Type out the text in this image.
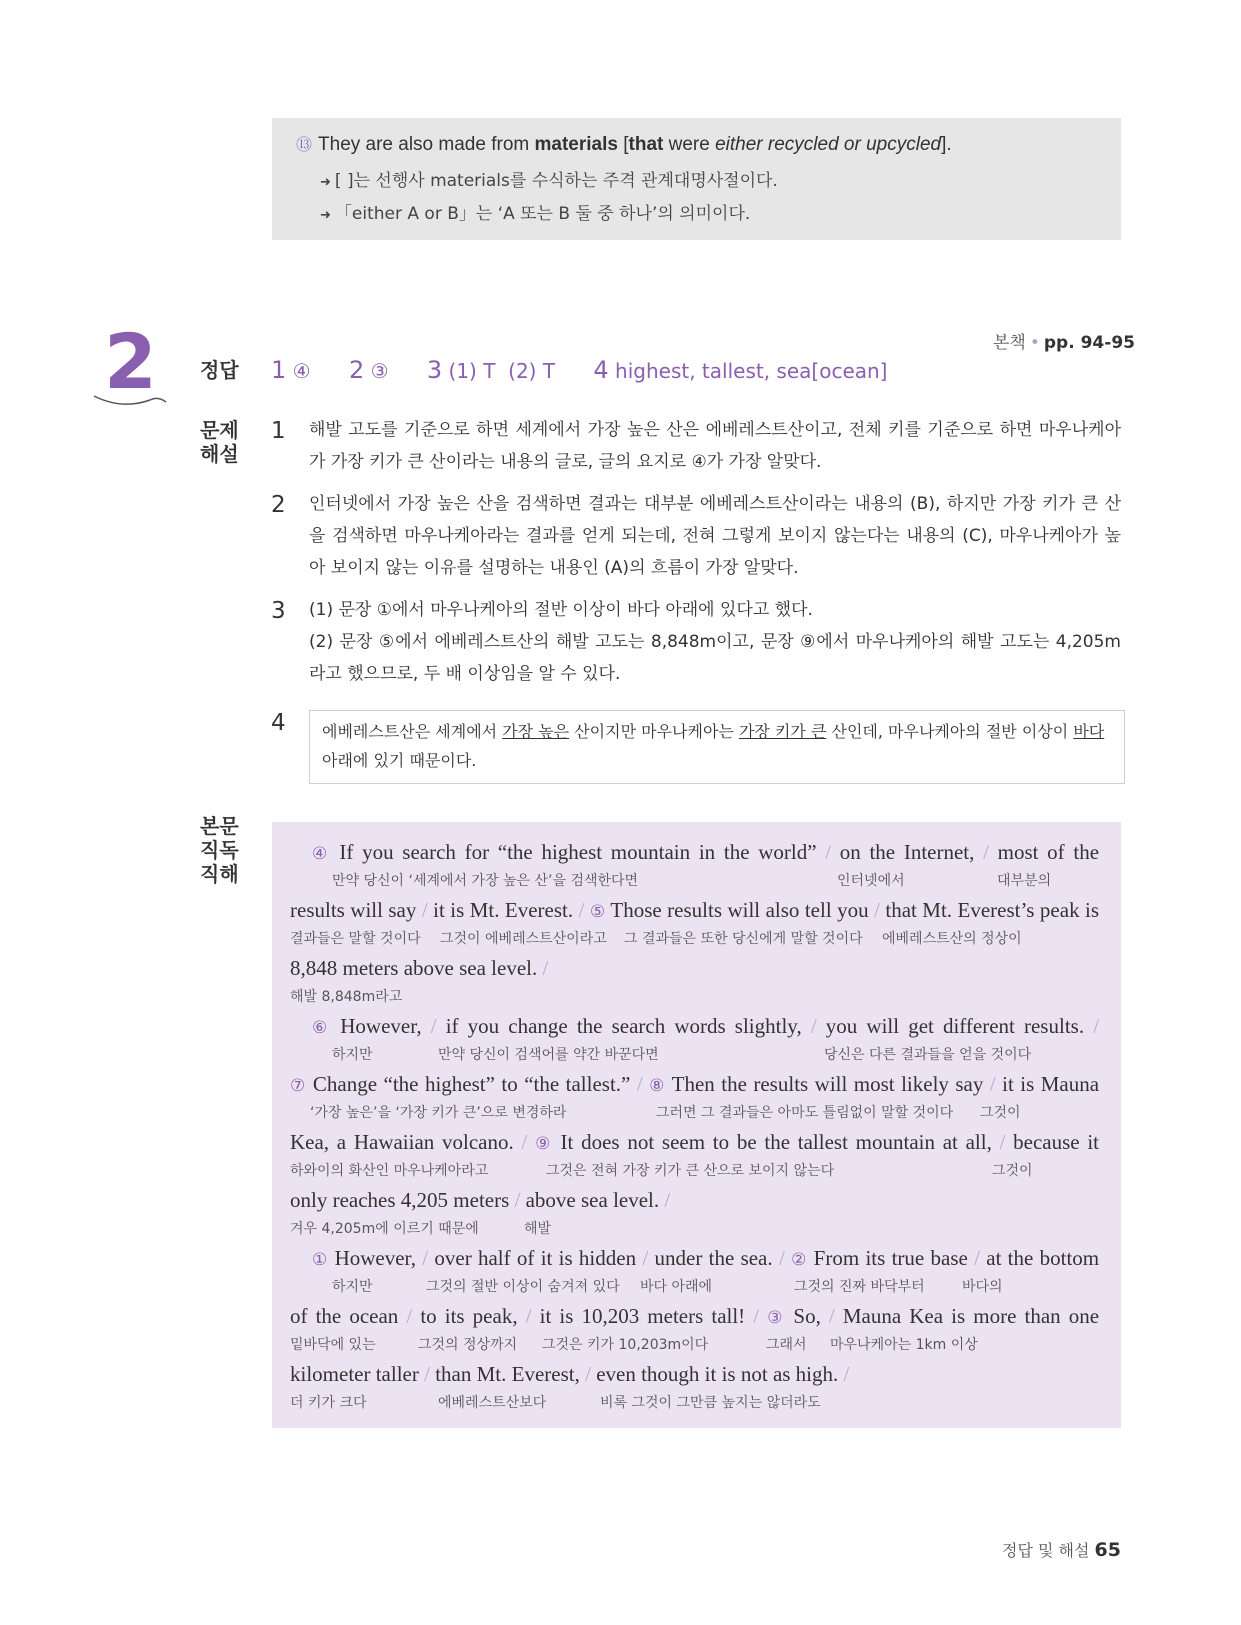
⑬ They are also made from materials [that were either recycled or upcycled].
➜ [ ]는 선행사 materials를 수식하는 주격 관계대명사절이다.
➜ 「either A or B」는 ‘A 또는 B 둘 중 하나’의 의미이다.
본책 • pp. 94-95
2 정답 1 ④ 2 ③ 3 (1) T  (2) T 4 highest, tallest, sea[ocean]
문제
해설
1 해발 고도를 기준으로 하면 세계에서 가장 높은 산은 에베레스트산이고, 전체 키를 기준으로 하면 마우나케아가 가장 키가 큰 산이라는 내용의 글로, 글의 요지로 ④가 가장 알맞다.
2 인터넷에서 가장 높은 산을 검색하면 결과는 대부분 에베레스트산이라는 내용의 (B), 하지만 가장 키가 큰 산을 검색하면 마우나케아라는 결과를 얻게 되는데, 전혀 그렇게 보이지 않는다는 내용의 (C), 마우나케아가 높아 보이지 않는 이유를 설명하는 내용인 (A)의 흐름이 가장 알맞다.
3 (1) 문장 ①에서 마우나케아의 절반 이상이 바다 아래에 있다고 했다.
(2) 문장 ⑤에서 에베레스트산의 해발 고도는 8,848m이고, 문장 ⑨에서 마우나케아의 해발 고도는 4,205m라고 했으므로, 두 배 이상임을 알 수 있다.
4	에베레스트산은 세계에서 가장 높은 산이지만 마우나케아는 가장 키가 큰 산인데, 마우나케아의 절반 이상이 바다 아래에 있기 때문이다.
본문
직독
직해
④ If you search for “the highest mountain in the world” / on the Internet, / most of the
만약 당신이 ‘세계에서 가장 높은 산’을 검색한다면	인터넷에서	대부분의
results will say / it is Mt. Everest. / ⑤ Those results will also tell you / that Mt. Everest’s peak is
결과들은 말할 것이다 그것이 에베레스트산이라고 그 결과들은 또한 당신에게 말할 것이다 에베레스트산의 정상이
8,848 meters above sea level. /
해발 8,848m라고
⑥ However, / if you change the search words slightly, / you will get different results. /
하지만	만약 당신이 검색어를 약간 바꾼다면	당신은 다른 결과들을 얻을 것이다
⑦ Change “the highest” to “the tallest.” / ⑧ Then the results will most likely say / it is Mauna
‘가장 높은’을 ‘가장 키가 큰’으로 변경하라	그러면 그 결과들은 아마도 틀림없이 말할 것이다 그것이
Kea, a Hawaiian volcano. / ⑨ It does not seem to be the tallest mountain at all, / because it
하와이의 화산인 마우나케아라고	그것은 전혀 가장 키가 큰 산으로 보이지 않는다	그것이
only reaches 4,205 meters / above sea level. /
겨우 4,205m에 이르기 때문에	해발
① However, / over half of it is hidden / under the sea. / ② From its true base / at the bottom
하지만	그것의 절반 이상이 숨겨져 있다 바다 아래에	그것의 진짜 바닥부터	바다의
of the ocean / to its peak, / it is 10,203 meters tall! / ③ So, / Mauna Kea is more than one
밑바닥에 있는	그것의 정상까지 그것은 키가 10,203m이다	그래서 마우나케아는 1km 이상
kilometer taller / than Mt. Everest, / even though it is not as high. /
더 키가 크다	에베레스트산보다	비록 그것이 그만큼 높지는 않더라도
정답 및 해설 65
